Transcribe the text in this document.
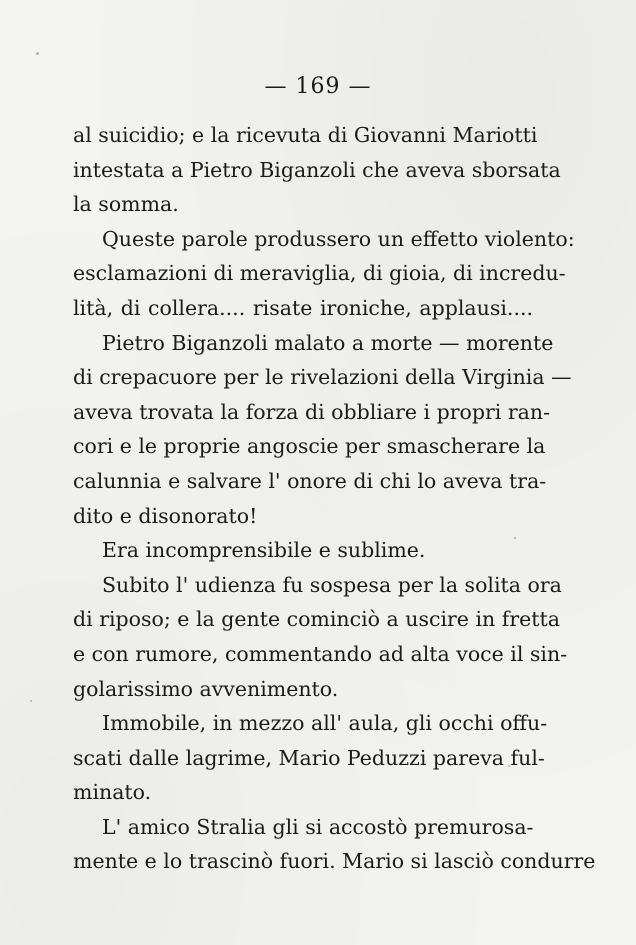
— 169 —
al suicidio; e la ricevuta di Giovanni Mariotti
intestata a Pietro Biganzoli che aveva sborsata
la somma.
Queste parole produssero un effetto violento:
esclamazioni di meraviglia, di gioia, di incredu-
lità, di collera.... risate ironiche, applausi....
Pietro Biganzoli malato a morte — morente
di crepacuore per le rivelazioni della Virginia —
aveva trovata la forza di obbliare i propri ran-
cori e le proprie angoscie per smascherare la
calunnia e salvare l' onore di chi lo aveva tra-
dito e disonorato!
Era incomprensibile e sublime.
Subito l' udienza fu sospesa per la solita ora
di riposo; e la gente cominciò a uscire in fretta
e con rumore, commentando ad alta voce il sin-
golarissimo avvenimento.
Immobile, in mezzo all' aula, gli occhi offu-
scati dalle lagrime, Mario Peduzzi pareva ful-
minato.
L' amico Stralia gli si accostò premurosa-
mente e lo trascinò fuori. Mario si lasciò condurre
